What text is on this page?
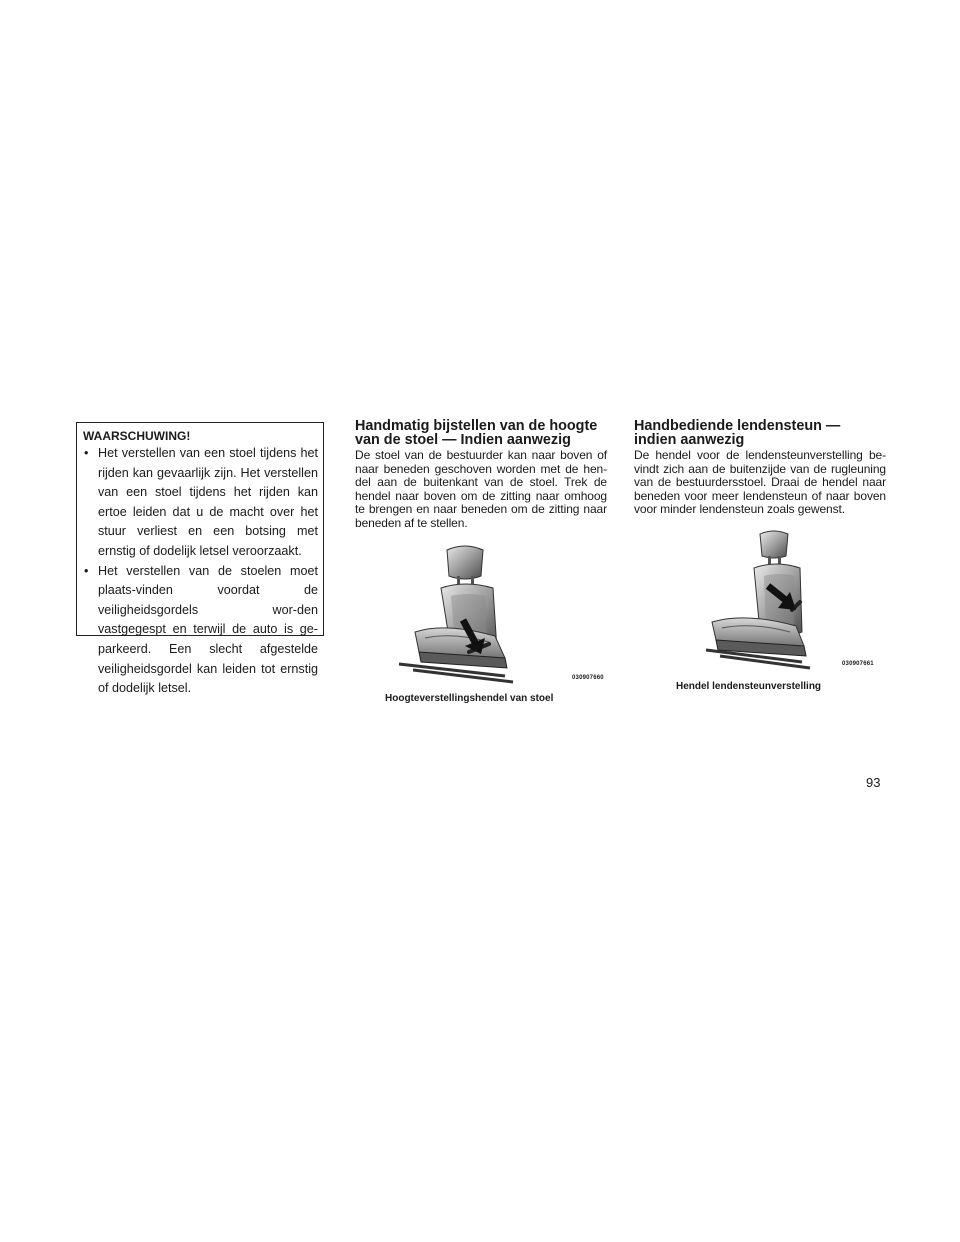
WAARSCHUWING!
• Het verstellen van een stoel tijdens het rijden kan gevaarlijk zijn. Het verstellen van een stoel tijdens het rijden kan ertoe leiden dat u de macht over het stuur verliest en een botsing met ernstig of dodelijk letsel veroorzaakt.
• Het verstellen van de stoelen moet plaats-vinden voordat de veiligheidsgordels wor-den vastgegespt en terwijl de auto is ge-parkeerd. Een slecht afgestelde veiligheidsgordel kan leiden tot ernstig of dodelijk letsel.
Handmatig bijstellen van de hoogte
van de stoel — Indien aanwezig

De stoel van de bestuurder kan naar boven of naar beneden geschoven worden met de hen-del aan de buitenkant van de stoel. Trek de hendel naar boven om de zitting naar omhoog te brengen en naar beneden om de zitting naar beneden af te stellen.

Handbediende lendensteun —
indien aanwezig

De hendel voor de lendensteunverstelling be-vindt zich aan de buitenzijde van de rugleuning van de bestuurdersstoel. Draai de hendel naar beneden voor meer lendensteun of naar boven voor minder lendensteun zoals gewenst.

030907660
Hoogteverstellingshendel van stoel
030907661
Hendel lendensteunverstelling
93
